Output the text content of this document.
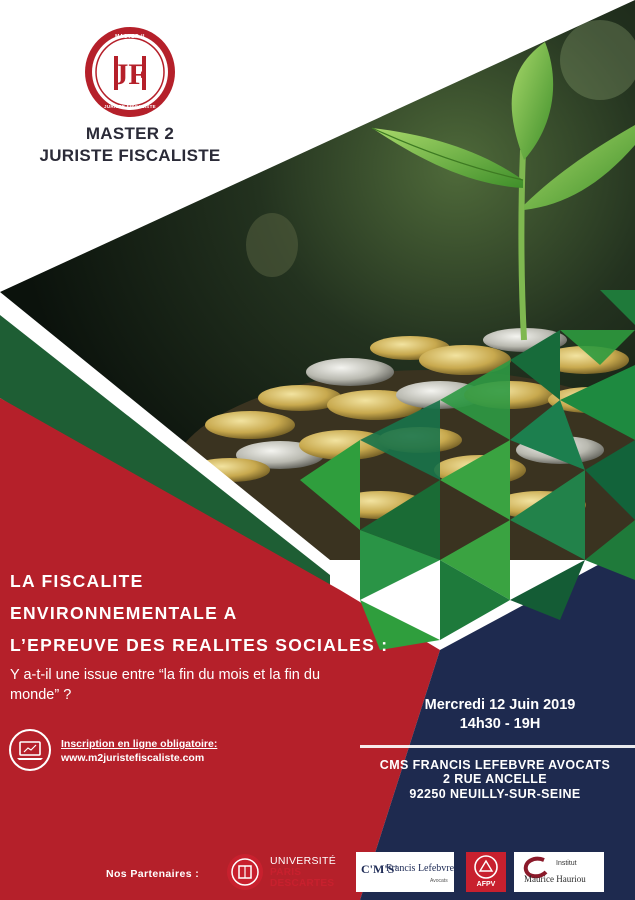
JF
MASTER II
JURISTE FISCALISTE
MASTER 2
JURISTE FISCALISTE
LA FISCALITE
ENVIRONNEMENTALE A
L’EPREUVE DES REALITES SOCIALES :
Y a-t-il une issue entre “la fin du mois et la fin du monde” ?
Inscription en ligne obligatoire:
www.m2juristefiscaliste.com
Mercredi 12 Juin 2019
14h30 - 19H
CMS FRANCIS LEFEBVRE AVOCATS
2 RUE ANCELLE
92250 NEUILLY-SUR-SEINE
Nos Partenaires :
UNIVERSITÉ
PARIS
DESCARTES
C'M'S'
Francis Lefebvre
Avocats	AFPV
Institut
Maurice Hauriou
